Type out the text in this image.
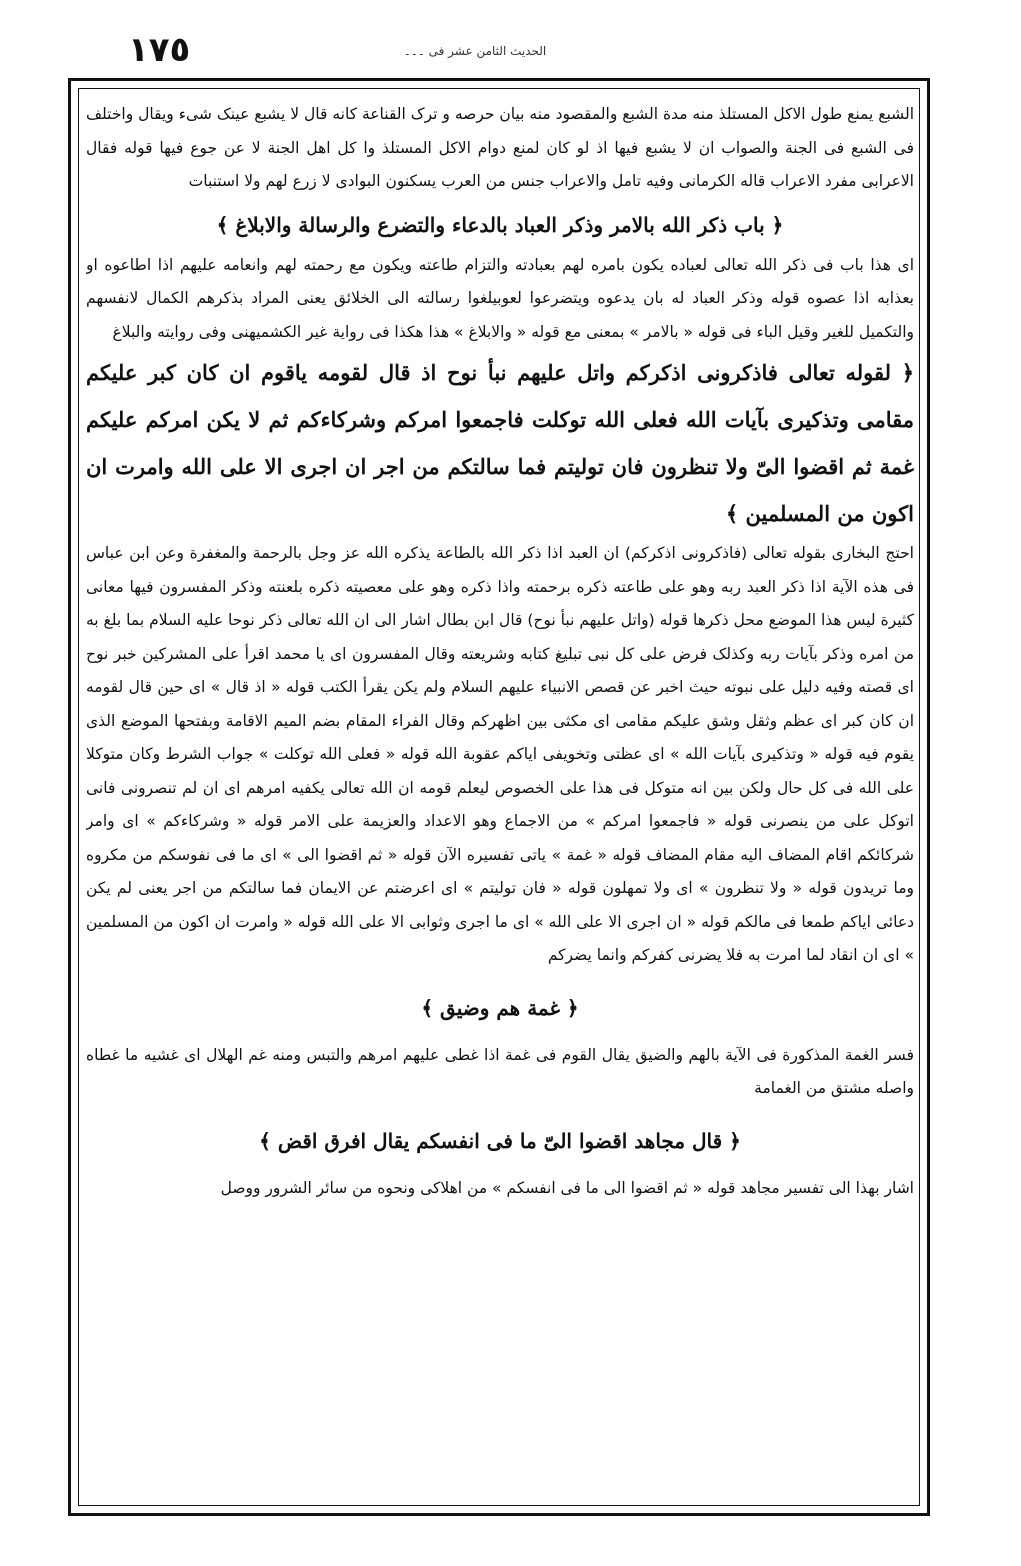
١٧٥	الحدیث الثامن عشر فی ۔۔۔

الشبع یمنع طول الاکل المستلذ منه مدة الشبع والمقصود منه بیان حرصه و ترک القناعة کانه قال لا یشبع عینک شیء ویقال واختلف فی الشبع فی الجنة والصواب ان لا یشبع فیها اذ لو کان لمنع دوام الاکل المستلذ وا کل اهل الجنة لا عن جوع فیها قوله فقال الاعرابی مفرد الاعراب قاله الکرمانی وفیه تامل والاعراب جنس من العرب یسکنون البوادی لا زرع لهم ولا استنبات

﴿ باب ذکر الله بالامر وذکر العباد بالدعاء والتضرع والرسالة والابلاغ ﴾

ای هذا باب فی ذکر الله تعالی لعباده یکون بامره لهم بعبادته والتزام طاعته ویکون مع رحمته لهم وانعامه علیهم اذا اطاعوه او بعذابه اذا عصوه قوله وذکر العباد له بان یدعوه ویتضرعوا لعوبیلغوا رسالته الی الخلائق یعنی المراد بذکرهم الکمال لانفسهم والتکمیل للغیر وقیل الباء فی قوله « بالامر » بمعنی مع قوله « والابلاغ » هذا هکذا فی روایة غیر الکشمیهنی وفی روایته والبلاغ

﴿ لقوله تعالی فاذکرونی اذکرکم واتل علیهم نبأ نوح اذ قال لقومه یاقوم ان کان کبر علیکم مقامی وتذکیری بآیات الله فعلی الله توکلت فاجمعوا امرکم وشرکاءکم ثم لا یکن امرکم علیکم غمة ثم اقضوا الیّ ولا تنظرون فان تولیتم فما سالتکم من اجر ان اجری الا علی الله وامرت ان اکون من المسلمین ﴾

احتج البخاری بقوله تعالی (فاذکرونی اذکرکم) ان العبد اذا ذکر الله بالطاعة یذکره الله عز وجل بالرحمة والمغفرة وعن ابن عباس فی هذه الآیة اذا ذکر العبد ربه وهو علی طاعته ذکره برحمته واذا ذکره وهو علی معصیته ذکره بلعنته وذکر المفسرون فیها معانی کثیرة لیس هذا الموضع محل ذکرها قوله (واتل علیهم نبأ نوح) قال ابن بطال اشار الی ان الله تعالی ذکر نوحا علیه السلام بما بلغ به من امره وذکر بآیات ربه وکذلک فرض علی کل نبی تبلیغ کتابه وشریعته وقال المفسرون ای یا محمد اقرأ علی المشرکین خبر نوح ای قصته وفیه دلیل علی نبوته حیث اخبر عن قصص الانبیاء علیهم السلام ولم یکن یقرأ الکتب قوله « اذ قال » ای حین قال لقومه ان کان کبر ای عظم وثقل وشق علیکم مقامی ای مکثی بین اظهرکم وقال الفراء المقام بضم المیم الاقامة وبفتحها الموضع الذی یقوم فیه قوله « وتذکیری بآیات الله » ای عظتی وتخویفی ایاکم عقوبة الله قوله « فعلی الله توکلت » جواب الشرط وکان متوکلا علی الله فی کل حال ولکن بین انه متوکل فی هذا علی الخصوص لیعلم قومه ان الله تعالی یکفیه امرهم ای ان لم تنصرونی فانی اتوکل علی من ینصرنی قوله « فاجمعوا امرکم » من الاجماع وهو الاعداد والعزیمة علی الامر قوله « وشرکاءکم » ای وامر شرکائکم اقام المضاف الیه مقام المضاف قوله « غمة » یاتی تفسیره الآن قوله « ثم اقضوا الی » ای ما فی نفوسکم من مکروه وما تریدون قوله « ولا تنظرون » ای ولا تمهلون قوله « فان تولیتم » ای اعرضتم عن الایمان فما سالتکم من اجر یعنی لم یکن دعائی ایاکم طمعا فی مالکم قوله « ان اجری الا علی الله » ای ما اجری وثوابی الا علی الله قوله « وامرت ان اکون من المسلمین » ای ان انقاد لما امرت به فلا یضرنی کفرکم وانما یضرکم

﴿ غمة هم وضیق ﴾

فسر الغمة المذکورة فی الآیة بالهم والضیق یقال القوم فی غمة اذا غطی علیهم امرهم والتبس ومنه غم الهلال ای غشیه ما غطاه واصله مشتق من الغمامة

﴿ قال مجاهد اقضوا الیّ ما فی انفسکم یقال افرق اقض ﴾

اشار بهذا الی تفسیر مجاهد قوله « ثم اقضوا الی ما فی انفسکم » من اهلاکی ونحوه من سائر الشرور ووصل
